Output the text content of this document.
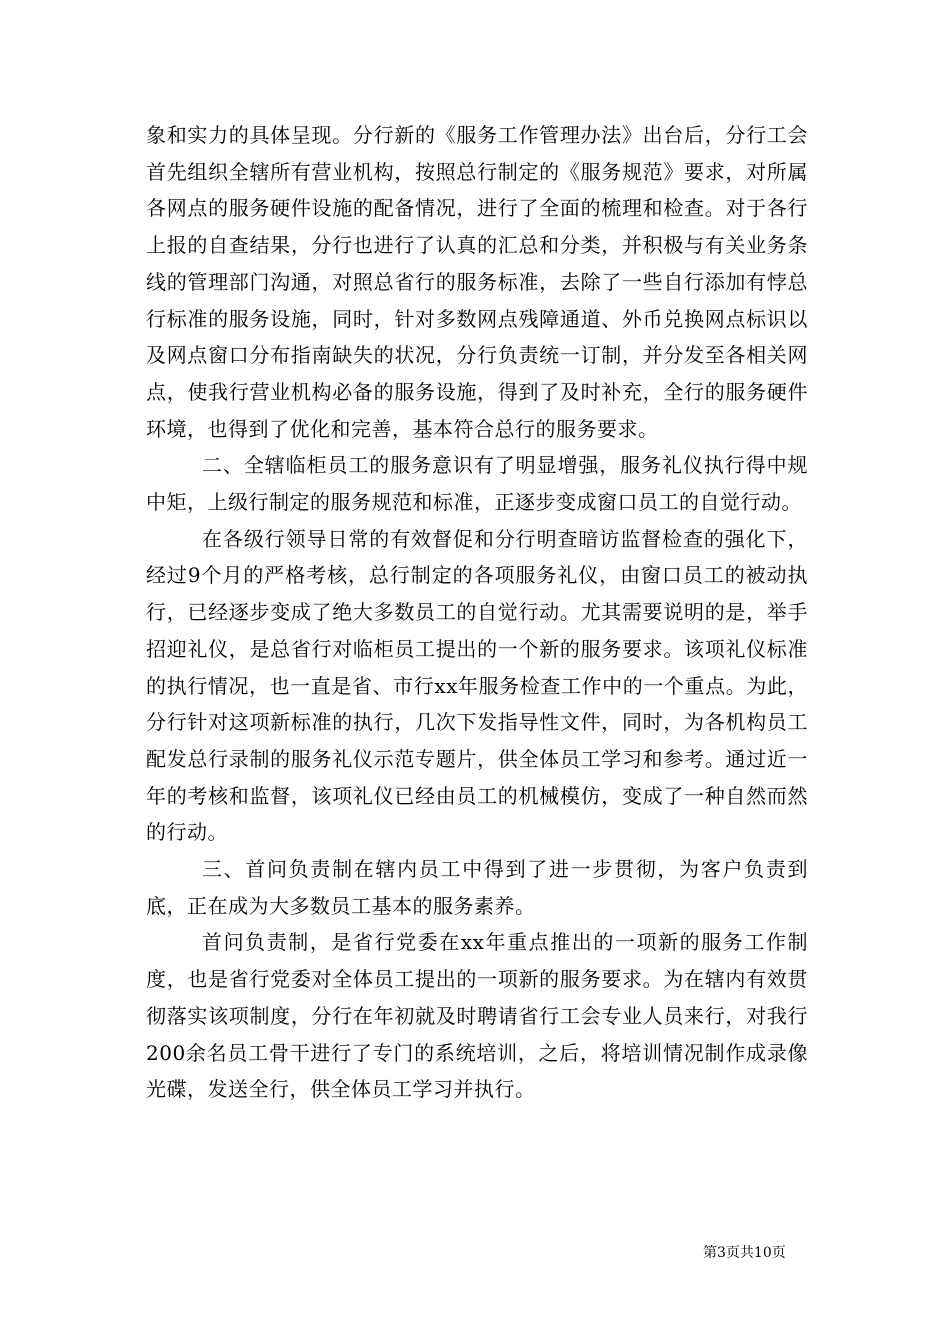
象和实力的具体呈现。分行新的《服务工作管理办法》出台后，分行工会首先组织全辖所有营业机构，按照总行制定的《服务规范》要求，对所属各网点的服务硬件设施的配备情况，进行了全面的梳理和检查。对于各行上报的自查结果，分行也进行了认真的汇总和分类，并积极与有关业务条线的管理部门沟通，对照总省行的服务标准，去除了一些自行添加有悖总行标准的服务设施，同时，针对多数网点残障通道、外币兑换网点标识以及网点窗口分布指南缺失的状况，分行负责统一订制，并分发至各相关网点，使我行营业机构必备的服务设施，得到了及时补充，全行的服务硬件环境，也得到了优化和完善，基本符合总行的服务要求。

二、全辖临柜员工的服务意识有了明显增强，服务礼仪执行得中规中矩，上级行制定的服务规范和标准，正逐步变成窗口员工的自觉行动。

在各级行领导日常的有效督促和分行明查暗访监督检查的强化下，经过9个月的严格考核，总行制定的各项服务礼仪，由窗口员工的被动执行，已经逐步变成了绝大多数员工的自觉行动。尤其需要说明的是，举手招迎礼仪，是总省行对临柜员工提出的一个新的服务要求。该项礼仪标准的执行情况，也一直是省、市行xx年服务检查工作中的一个重点。为此，分行针对这项新标准的执行，几次下发指导性文件，同时，为各机构员工配发总行录制的服务礼仪示范专题片，供全体员工学习和参考。通过近一年的考核和监督，该项礼仪已经由员工的机械模仿，变成了一种自然而然的行动。

三、首问负责制在辖内员工中得到了进一步贯彻，为客户负责到底，正在成为大多数员工基本的服务素养。

首问负责制，是省行党委在xx年重点推出的一项新的服务工作制度，也是省行党委对全体员工提出的一项新的服务要求。为在辖内有效贯彻落实该项制度，分行在年初就及时聘请省行工会专业人员来行，对我行200余名员工骨干进行了专门的系统培训，之后，将培训情况制作成录像光碟，发送全行，供全体员工学习并执行。

第3页共10页
